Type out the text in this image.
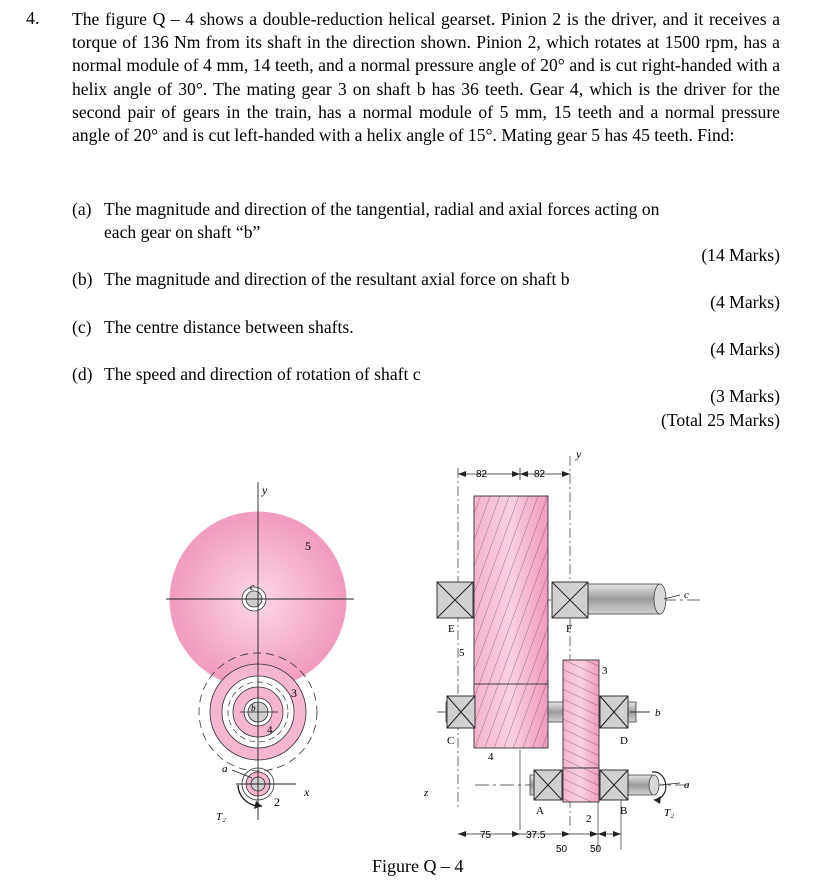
4. The figure Q – 4 shows a double-reduction helical gearset. Pinion 2 is the driver, and it receives a torque of 136 Nm from its shaft in the direction shown. Pinion 2, which rotates at 1500 rpm, has a normal module of 4 mm, 14 teeth, and a normal pressure angle of 20° and is cut right-handed with a helix angle of 30°. The mating gear 3 on shaft b has 36 teeth. Gear 4, which is the driver for the second pair of gears in the train, has a normal module of 5 mm, 15 teeth and a normal pressure angle of 20° and is cut left-handed with a helix angle of 15°. Mating gear 5 has 45 teeth. Find:
(a) The magnitude and direction of the tangential, radial and axial forces acting on
each gear on shaft “b”
(14 Marks)
(b) The magnitude and direction of the resultant axial force on shaft b
(4 Marks)
(c) The centre distance between shafts.
(4 Marks)
(d) The speed and direction of rotation of shaft c
(3 Marks)
(Total 25 Marks)
y
x
5
c
3
b
4
a
2
T₂
y
z
82	82
E	F
c
5
3
b
C	D
4
a
A
2
B	T₂
75	37.5
50 50
Figure Q – 4
